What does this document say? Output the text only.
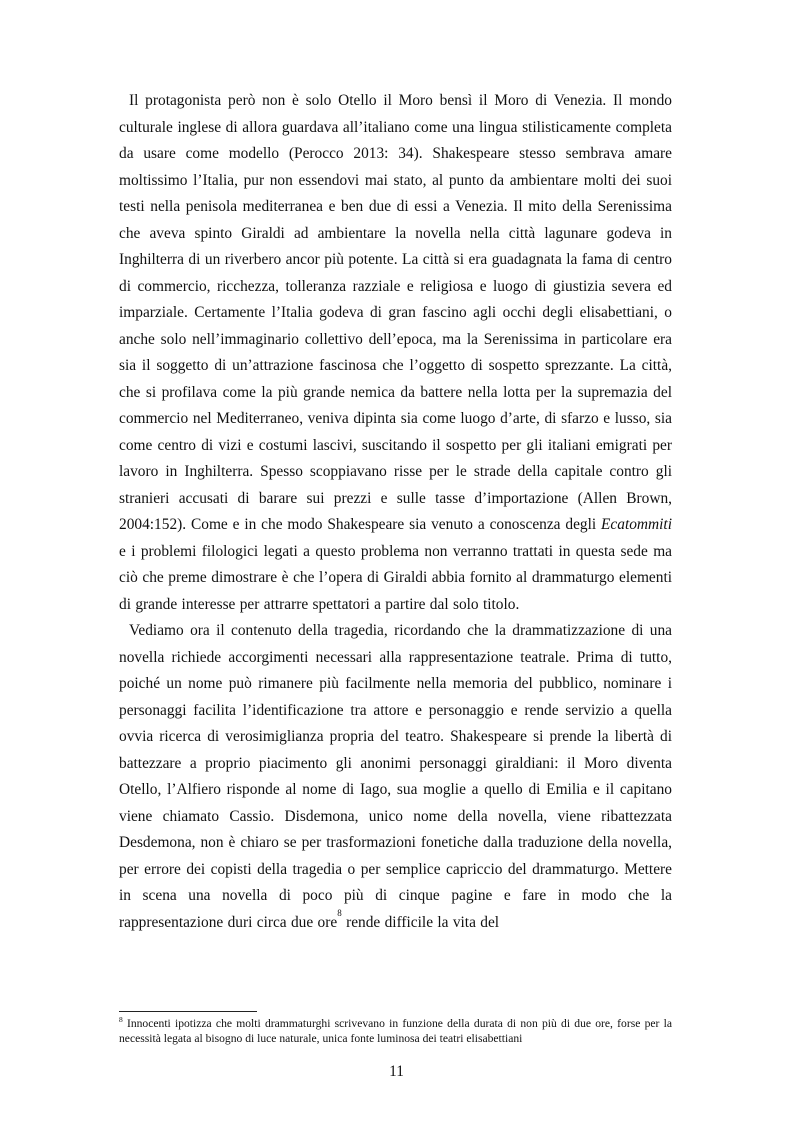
Il protagonista però non è solo Otello il Moro bensì il Moro di Venezia. Il mondo culturale inglese di allora guardava all’italiano come una lingua stilisticamente completa da usare come modello (Perocco 2013: 34). Shakespeare stesso sembrava amare moltissimo l’Italia, pur non essendovi mai stato, al punto da ambientare molti dei suoi testi nella penisola mediterranea e ben due di essi a Venezia. Il mito della Serenissima che aveva spinto Giraldi ad ambientare la novella nella città lagunare godeva in Inghilterra di un riverbero ancor più potente. La città si era guadagnata la fama di centro di commercio, ricchezza, tolleranza razziale e religiosa e luogo di giustizia severa ed imparziale. Certamente l’Italia godeva di gran fascino agli occhi degli elisabettiani, o anche solo nell’immaginario collettivo dell’epoca, ma la Serenissima in particolare era sia il soggetto di un’attrazione fascinosa che l’oggetto di sospetto sprezzante. La città, che si profilava come la più grande nemica da battere nella lotta per la supremazia del commercio nel Mediterraneo, veniva dipinta sia come luogo d’arte, di sfarzo e lusso, sia come centro di vizi e costumi lascivi, suscitando il sospetto per gli italiani emigrati per lavoro in Inghilterra. Spesso scoppiavano risse per le strade della capitale contro gli stranieri accusati di barare sui prezzi e sulle tasse d’importazione (Allen Brown, 2004:152). Come e in che modo Shakespeare sia venuto a conoscenza degli Ecatommiti e i problemi filologici legati a questo problema non verranno trattati in questa sede ma ciò che preme dimostrare è che l’opera di Giraldi abbia fornito al drammaturgo elementi di grande interesse per attrarre spettatori a partire dal solo titolo.

Vediamo ora il contenuto della tragedia, ricordando che la drammatizzazione di una novella richiede accorgimenti necessari alla rappresentazione teatrale. Prima di tutto, poiché un nome può rimanere più facilmente nella memoria del pubblico, nominare i personaggi facilita l’identificazione tra attore e personaggio e rende servizio a quella ovvia ricerca di verosimiglianza propria del teatro. Shakespeare si prende la libertà di battezzare a proprio piacimento gli anonimi personaggi giraldiani: il Moro diventa Otello, l’Alfiero risponde al nome di Iago, sua moglie a quello di Emilia e il capitano viene chiamato Cassio. Disdemona, unico nome della novella, viene ribattezzata Desdemona, non è chiaro se per trasformazioni fonetiche dalla traduzione della novella, per errore dei copisti della tragedia o per semplice capriccio del drammaturgo. Mettere in scena una novella di poco più di cinque pagine e fare in modo che la rappresentazione duri circa due ore$^8$ rende difficile la vita del

$^8$ Innocenti ipotizza che molti drammaturghi scrivevano in funzione della durata di non più di due ore, forse per la necessità legata al bisogno di luce naturale, unica fonte luminosa dei teatri elisabettiani

11
